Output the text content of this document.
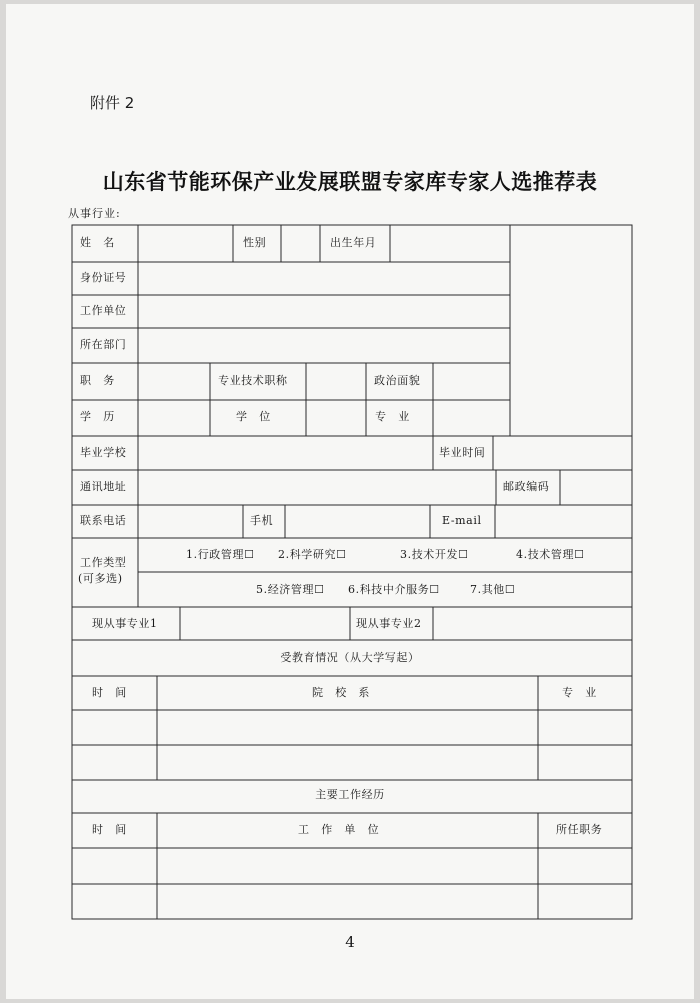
附件 2
山东省节能环保产业发展联盟专家库专家人选推荐表
从事行业:
姓　名	性别	出生年月
身份证号
工作单位
所在部门
职　务	专业技术职称	政治面貌
学　历	学　位	专　业
毕业学校	毕业时间
通讯地址	邮政编码
联系电话	手机	E-mail
工作类型
(可多选)
1.行政管理☐ 2.科学研究☐	3.技术开发☐	4.技术管理☐
5.经济管理☐ 6.科技中介服务☐	7.其他☐
现从事专业1	现从事专业2
受教育情况（从大学写起）
时　间	院　校　系	专　业
主要工作经历
时　间	工　作　单　位	所任职务
4
